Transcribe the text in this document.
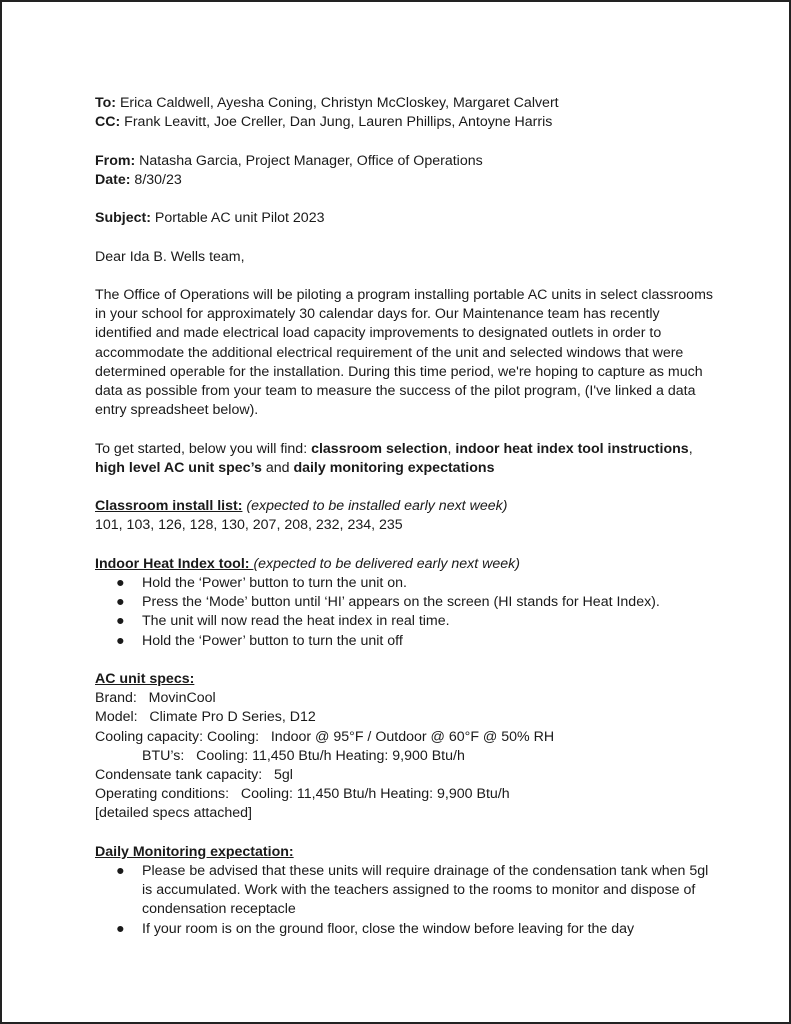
To: Erica Caldwell, Ayesha Coning, Christyn McCloskey, Margaret Calvert
CC: Frank Leavitt, Joe Creller, Dan Jung, Lauren Phillips, Antoyne Harris
From: Natasha Garcia, Project Manager, Office of Operations
Date: 8/30/23
Subject: Portable AC unit Pilot 2023
Dear Ida B. Wells team,
The Office of Operations will be piloting a program installing portable AC units in select classrooms in your school for approximately 30 calendar days for. Our Maintenance team has recently identified and made electrical load capacity improvements to designated outlets in order to accommodate the additional electrical requirement of the unit and selected windows that were determined operable for the installation. During this time period, we're hoping to capture as much data as possible from your team to measure the success of the pilot program, (I've linked a data entry spreadsheet below).
To get started, below you will find: classroom selection, indoor heat index tool instructions, high level AC unit spec’s and daily monitoring expectations
Classroom install list: (expected to be installed early next week)
101, 103, 126, 128, 130, 207, 208, 232, 234, 235
Indoor Heat Index tool: (expected to be delivered early next week)
● Hold the ‘Power’ button to turn the unit on.
● Press the ‘Mode’ button until ‘HI’ appears on the screen (HI stands for Heat Index).
● The unit will now read the heat index in real time.
● Hold the ‘Power’ button to turn the unit off
AC unit specs:
Brand:   MovinCool
Model:   Climate Pro D Series, D12
Cooling capacity: Cooling:   Indoor @ 95°F / Outdoor @ 60°F @ 50% RH
BTU’s:   Cooling: 11,450 Btu/h Heating: 9,900 Btu/h
Condensate tank capacity:   5gl
Operating conditions:   Cooling: 11,450 Btu/h Heating: 9,900 Btu/h
[detailed specs attached]
Daily Monitoring expectation:
● Please be advised that these units will require drainage of the condensation tank when 5gl is accumulated. Work with the teachers assigned to the rooms to monitor and dispose of condensation receptacle
● If your room is on the ground floor, close the window before leaving for the day
